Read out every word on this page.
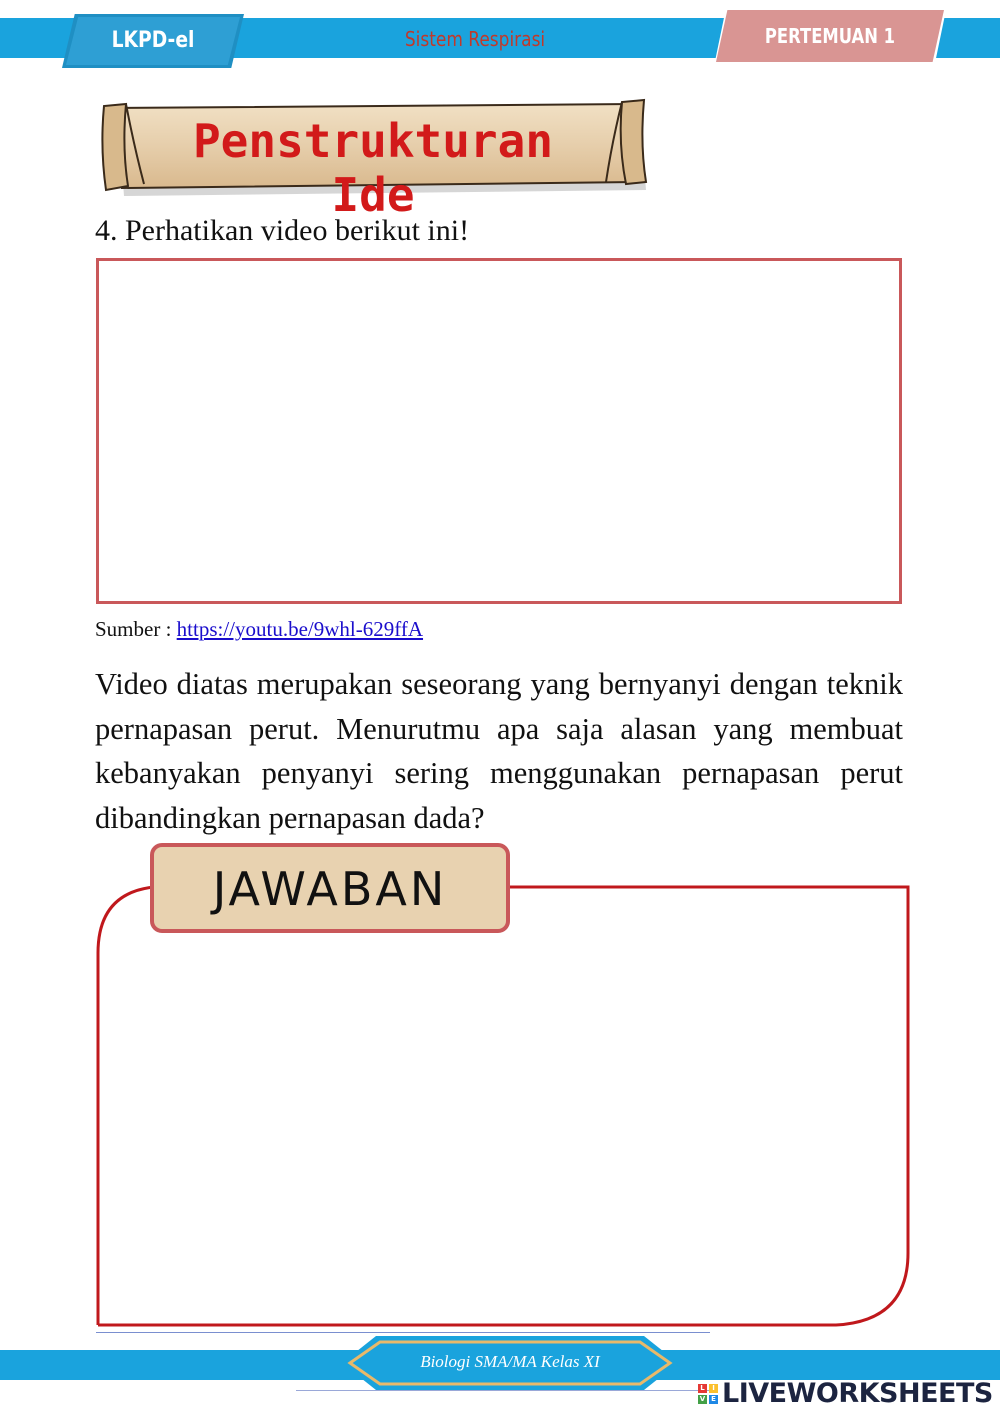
LKPD-el	Sistem Respirasi	PERTEMUAN 1
Penstrukturan Ide
4. Perhatikan video berikut ini!
Sumber : https://youtu.be/9whl-629ffA
Video diatas merupakan seseorang yang bernyanyi dengan teknik pernapasan perut. Menurutmu apa saja alasan yang membuat kebanyakan penyanyi sering menggunakan pernapasan perut dibandingkan pernapasan dada?
JAWABAN
Biologi SMA/MA Kelas XI
L	I
V E LIVEWORKSHEETS
